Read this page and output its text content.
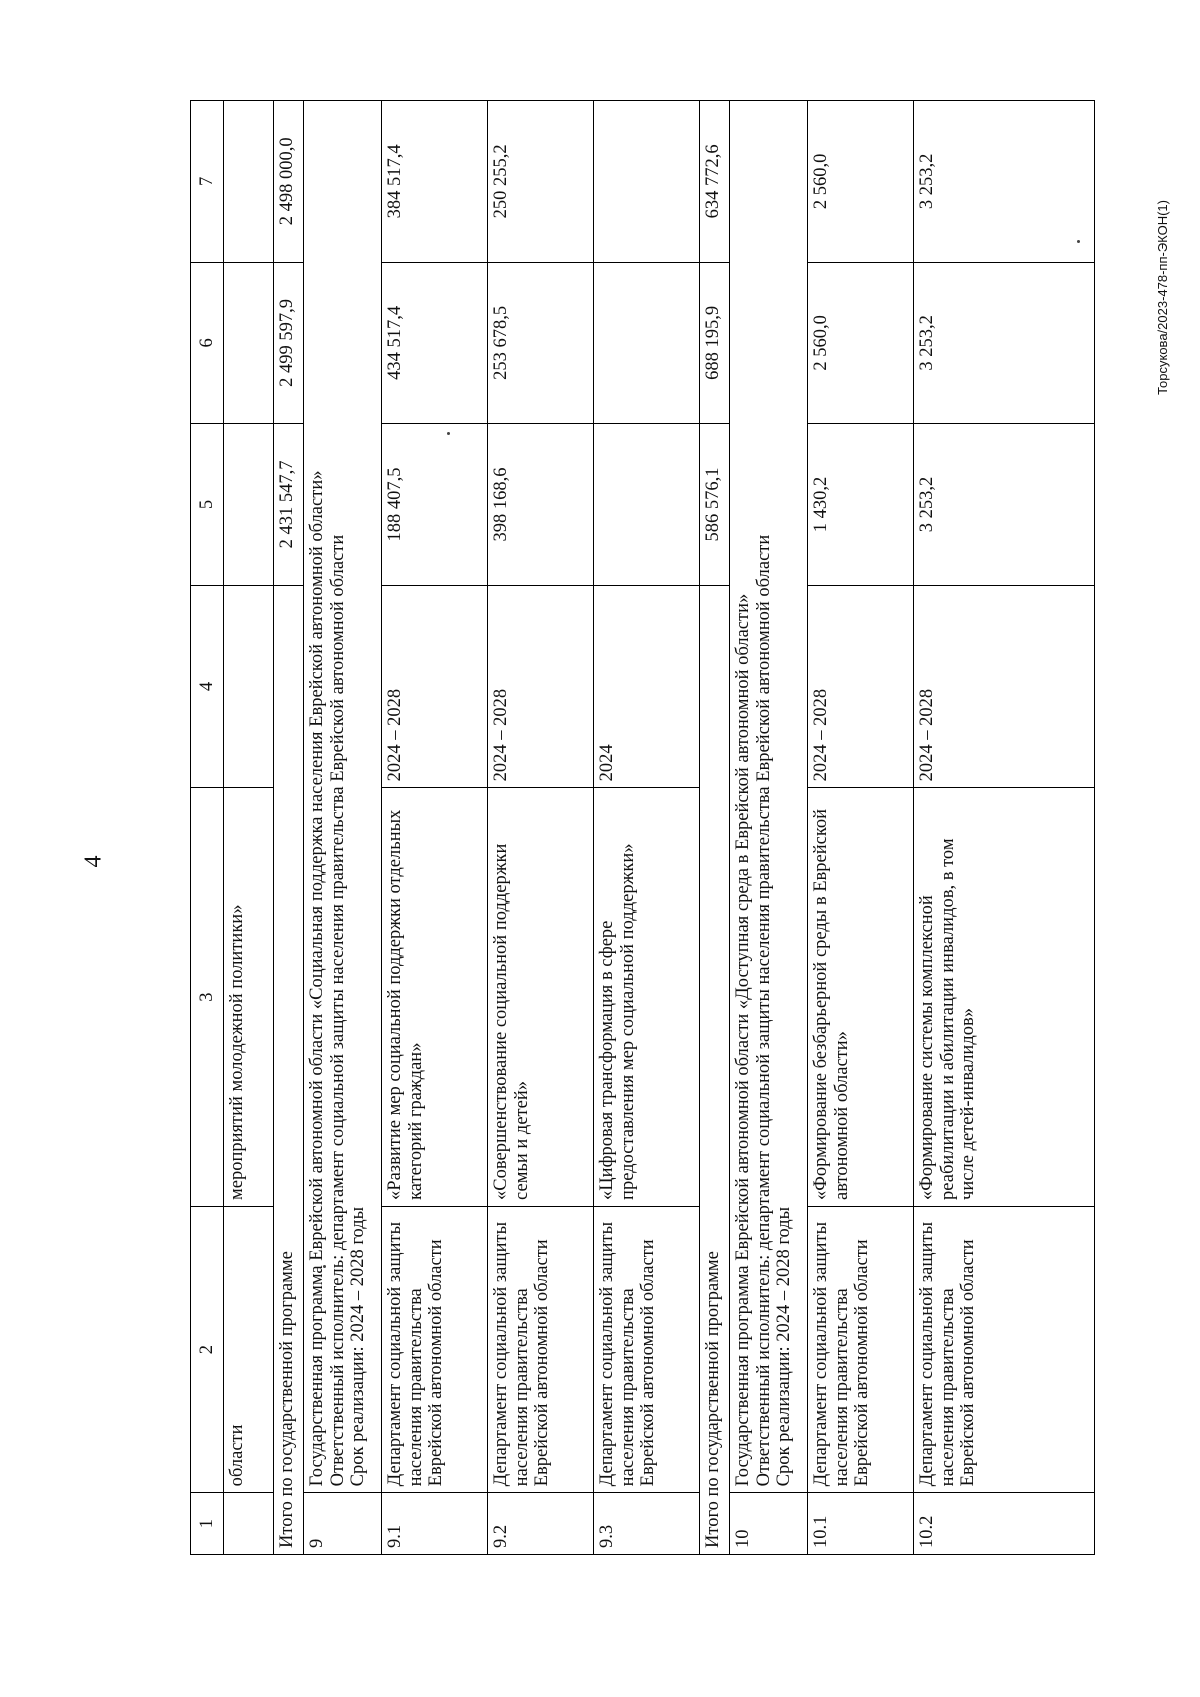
4
Торсукова/2023-478-пп-ЭКОН(1)
1	2	3	4	5	6	7
	области	мероприятий молодежной политики»				
Итого по государственной программе				2 431 547,7	2 499 597,9	2 498 000,0
9	Государственная программа Еврейской автономной области «Социальная поддержка населения Еврейской автономной области» Ответственный исполнитель: департамент социальной защиты населения правительства Еврейской автономной области Срок реализации: 2024 – 2028 годы					

9.1	Департамент социальной защиты населения правительства Еврейской автономной области	«Развитие мер социальной поддержки отдельных категорий граждан»	2024 – 2028	188 407,5	434 517,4	384 517,4
9.2	Департамент социальной защиты населения правительства Еврейской автономной области	«Совершенствование социальной поддержки семьи и детей»	2024 – 2028	398 168,6	253 678,5	250 255,2
9.3	Департамент социальной защиты населения правительства Еврейской автономной области	«Цифровая трансформация в сфере предоставления мер социальной поддержки»	2024			
Итого по государственной программе				586 576,1	688 195,9	634 772,6
10	Государственная программа Еврейской автономной области «Доступная среда в Еврейской автономной области» Ответственный исполнитель: департамент социальной защиты населения правительства Еврейской автономной области Срок реализации: 2024 – 2028 годы					

10.1	Департамент социальной защиты населения правительства Еврейской автономной области	«Формирование безбарьерной среды в Еврейской автономной области»	2024 – 2028	1 430,2	2 560,0	2 560,0
10.2	Департамент социальной защиты населения правительства Еврейской автономной области	«Формирование системы комплексной реабилитации и абилитации инвалидов, в том числе детей-инвалидов»	2024 – 2028	3 253,2	3 253,2	3 253,2
